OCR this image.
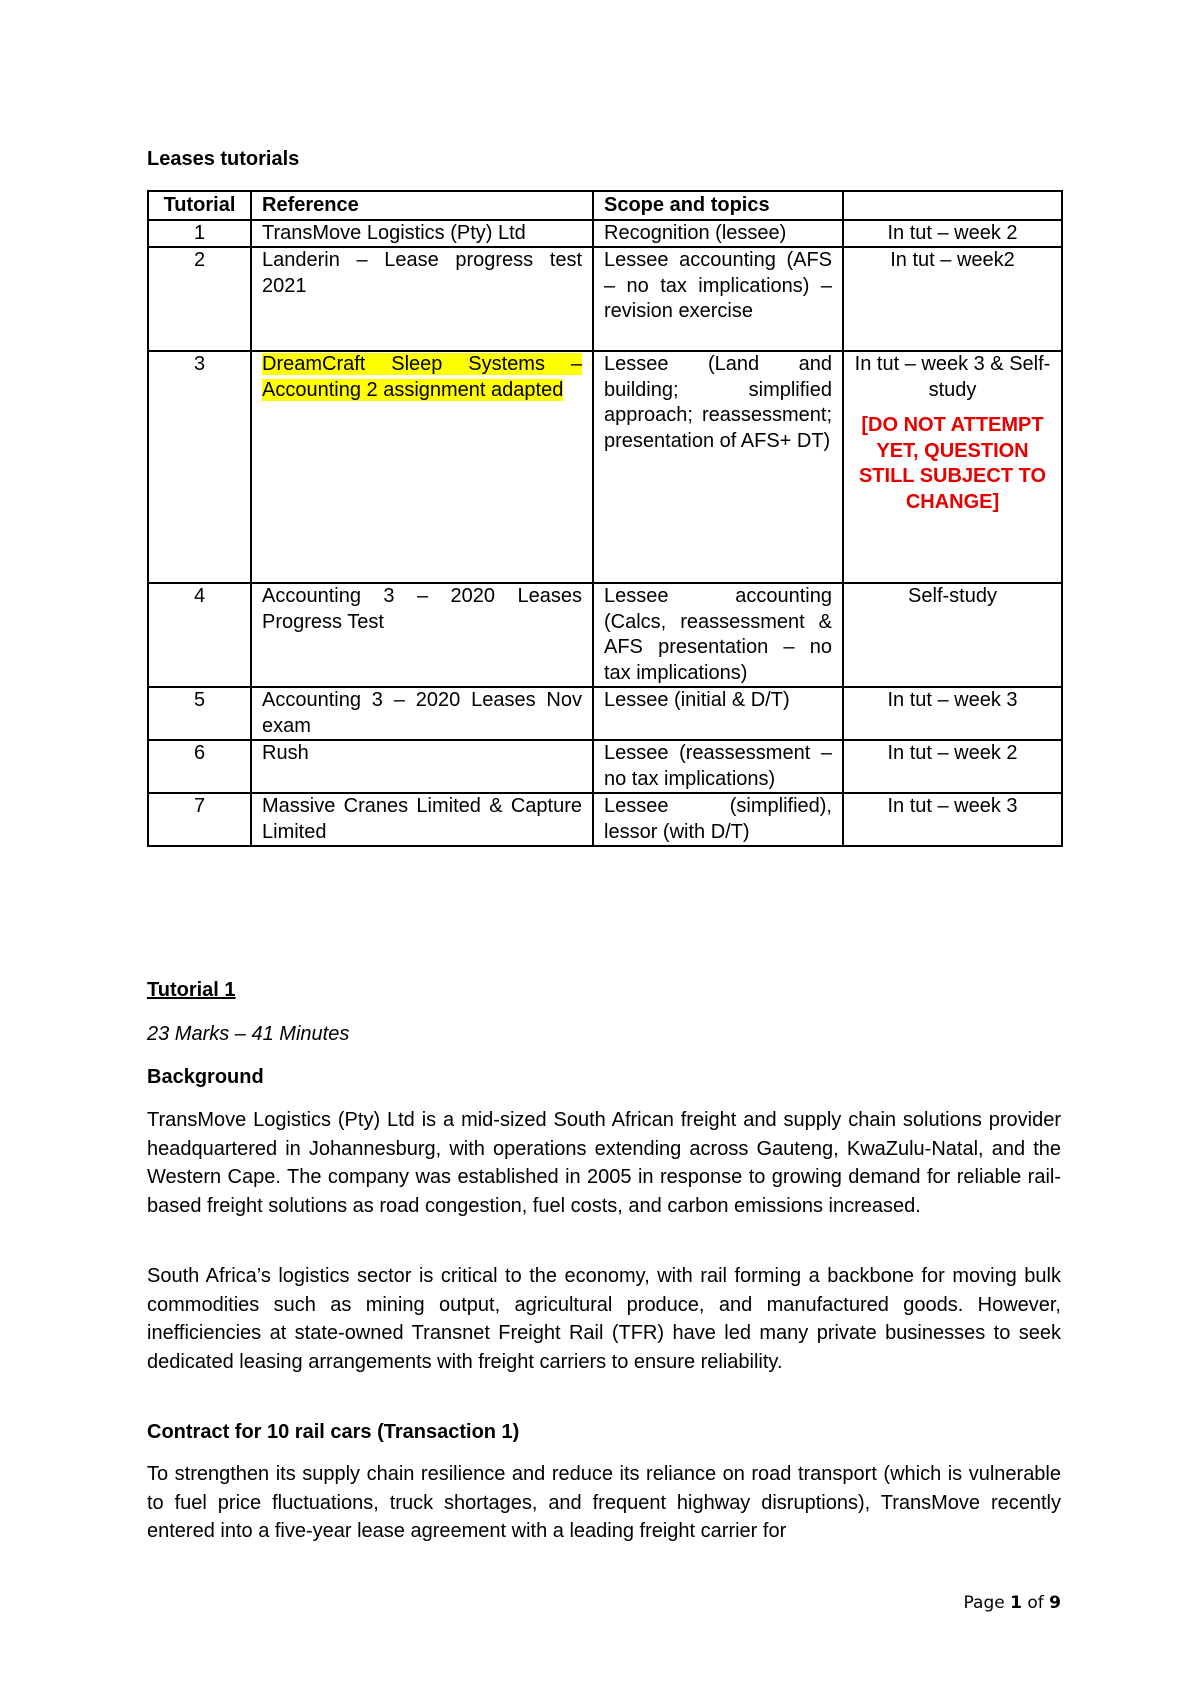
Leases tutorials
Tutorial	Reference	Scope and topics	
1	TransMove Logistics (Pty) Ltd	Recognition (lessee)	In tut – week 2
2	Landerin – Lease progress test 2021	Lessee accounting (AFS – no tax implications) – revision exercise	In tut – week2
3	DreamCraft Sleep Systems – Accounting 2 assignment adapted	Lessee (Land and building; simplified approach; reassessment; presentation of AFS+ DT)	In tut – week 3 & Self-study
[DO NOT ATTEMPT YET, QUESTION STILL SUBJECT TO CHANGE]

4	Accounting 3 – 2020 Leases Progress Test	Lessee accounting (Calcs, reassessment & AFS presentation – no tax implications)	Self-study
5	Accounting 3 – 2020 Leases Nov exam	Lessee (initial & D/T)	In tut – week 3
6	Rush	Lessee (reassessment – no tax implications)	In tut – week 2
7	Massive Cranes Limited & Capture Limited	Lessee (simplified), lessor (with D/T)	In tut – week 3
Tutorial 1
23 Marks – 41 Minutes
Background
TransMove Logistics (Pty) Ltd is a mid-sized South African freight and supply chain solutions provider headquartered in Johannesburg, with operations extending across Gauteng, KwaZulu-Natal, and the Western Cape. The company was established in 2005 in response to growing demand for reliable rail-based freight solutions as road congestion, fuel costs, and carbon emissions increased.
South Africa’s logistics sector is critical to the economy, with rail forming a backbone for moving bulk commodities such as mining output, agricultural produce, and manufactured goods. However, inefficiencies at state-owned Transnet Freight Rail (TFR) have led many private businesses to seek dedicated leasing arrangements with freight carriers to ensure reliability.
Contract for 10 rail cars (Transaction 1)
To strengthen its supply chain resilience and reduce its reliance on road transport (which is vulnerable to fuel price fluctuations, truck shortages, and frequent highway disruptions), TransMove recently entered into a five-year lease agreement with a leading freight carrier for
Page 1 of 9
